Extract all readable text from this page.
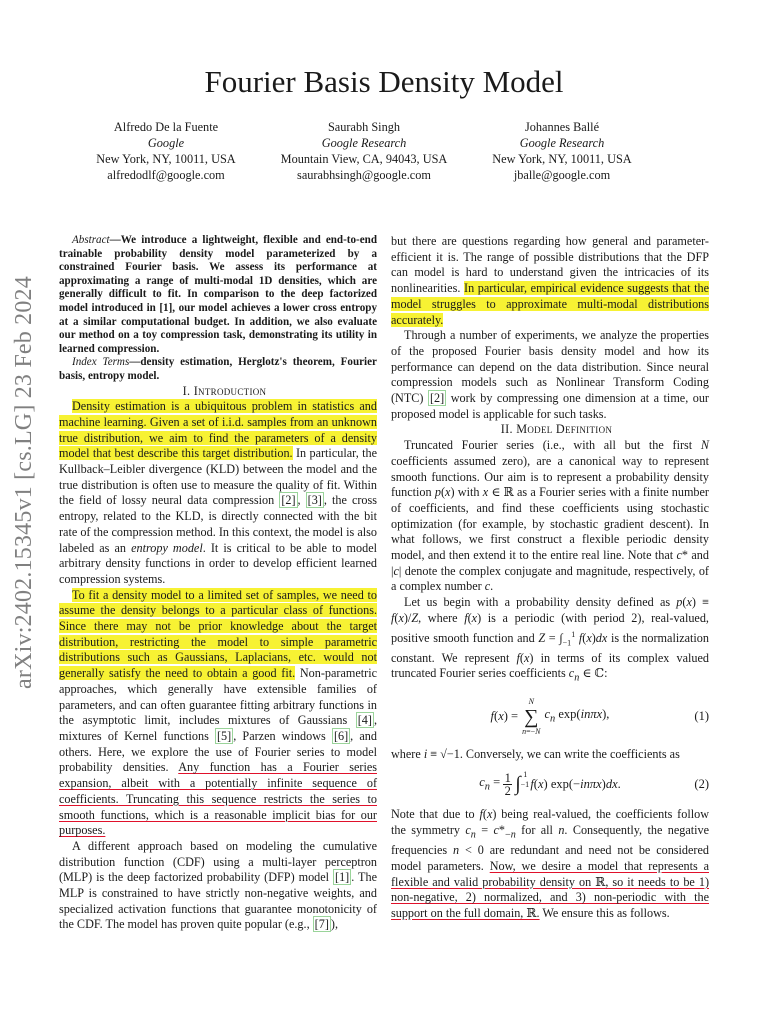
arXiv:2402.15345v1 [cs.LG] 23 Feb 2024
Fourier Basis Density Model
Alfredo De la Fuente
Google
New York, NY, 10011, USA
alfredodlf@google.com
Saurabh Singh
Google Research
Mountain View, CA, 94043, USA
saurabhsingh@google.com
Johannes Ballé
Google Research
New York, NY, 10011, USA
jballe@google.com

Abstract—We introduce a lightweight, flexible and end-to-end trainable probability density model parameterized by a constrained Fourier basis. We assess its performance at approximating a range of multi-modal 1D densities, which are generally difficult to fit. In comparison to the deep factorized model introduced in [1], our model achieves a lower cross entropy at a similar computational budget. In addition, we also evaluate our method on a toy compression task, demonstrating its utility in learned compression.

Index Terms—density estimation, Herglotz's theorem, Fourier basis, entropy model.

I. Introduction

Density estimation is a ubiquitous problem in statistics and machine learning. Given a set of i.i.d. samples from an unknown true distribution, we aim to find the parameters of a density model that best describe this target distribution. In particular, the Kullback–Leibler divergence (KLD) between the model and the true distribution is often use to measure the quality of fit. Within the field of lossy neural data compression [2] , [3] , the cross entropy, related to the KLD, is directly connected with the bit rate of the compression method. In this context, the model is also labeled as an entropy model. It is critical to be able to model arbitrary density functions in order to develop efficient learned compression systems.

To fit a density model to a limited set of samples, we need to assume the density belongs to a particular class of functions. Since there may not be prior knowledge about the target distribution, restricting the model to simple parametric distributions such as Gaussians, Laplacians, etc. would not generally satisfy the need to obtain a good fit. Non-parametric approaches, which generally have extensible families of parameters, and can often guarantee fitting arbitrary functions in the asymptotic limit, includes mixtures of Gaussians [4] , mixtures of Kernel functions [5] , Parzen windows [6] , and others. Here, we explore the use of Fourier series to model probability densities. Any function has a Fourier series expansion, albeit with a potentially infinite sequence of coefficients. Truncating this sequence restricts the series to smooth functions, which is a reasonable implicit bias for our purposes.

A different approach based on modeling the cumulative distribution function (CDF) using a multi-layer perceptron (MLP) is the deep factorized probability (DFP) model [1] . The MLP is constrained to have strictly non-negative weights, and specialized activation functions that guarantee monotonicity of the CDF. The model has proven quite popular (e.g., [7] ),

but there are questions regarding how general and parameter-efficient it is. The range of possible distributions that the DFP can model is hard to understand given the intricacies of its nonlinearities. In particular, empirical evidence suggests that the model struggles to approximate multi-modal distributions accurately.

Through a number of experiments, we analyze the properties of the proposed Fourier basis density model and how its performance can depend on the data distribution. Since neural compression models such as Nonlinear Transform Coding (NTC) [2] work by compressing one dimension at a time, our proposed model is applicable for such tasks.

II. Model Definition

Truncated Fourier series (i.e., with all but the first N coefficients assumed zero), are a canonical way to represent smooth functions. Our aim is to represent a probability density function p(x) with x ∈ ℝ as a Fourier series with a finite number of coefficients, and find these coefficients using stochastic optimization (for example, by stochastic gradient descent). In what follows, we first construct a flexible periodic density model, and then extend it to the entire real line. Note that c* and |c| denote the complex conjugate and magnitude, respectively, of a complex number c.

Let us begin with a probability density defined as p(x) ≡ f(x)/Z, where f(x) is a periodic (with period 2), real-valued, positive smooth function and $Z = \int_{-1}^1$ f(x)dx is the normalization constant. We represent f(x) in terms of its complex valued truncated Fourier series coefficients $c_n$ ∈ ℂ:

f(x) =
N
∑
n=−N
$c_n$ exp(inπx),	(1)

where i ≡ √−1. Conversely, we can write the coefficients as

$c_n = 1$
2 ∫ −1
$^1$
f(x) exp(−inπx)dx.	(2)

Note that due to f(x) being real-valued, the coefficients follow the symmetry $c_n = c*_{-n}$ for all n. Consequently, the negative frequencies n < 0 are redundant and need not be considered model parameters. Now, we desire a model that represents a flexible and valid probability density on ℝ, so it needs to be 1) non-negative, 2) normalized, and 3) non-periodic with the support on the full domain, ℝ. We ensure this as follows.
